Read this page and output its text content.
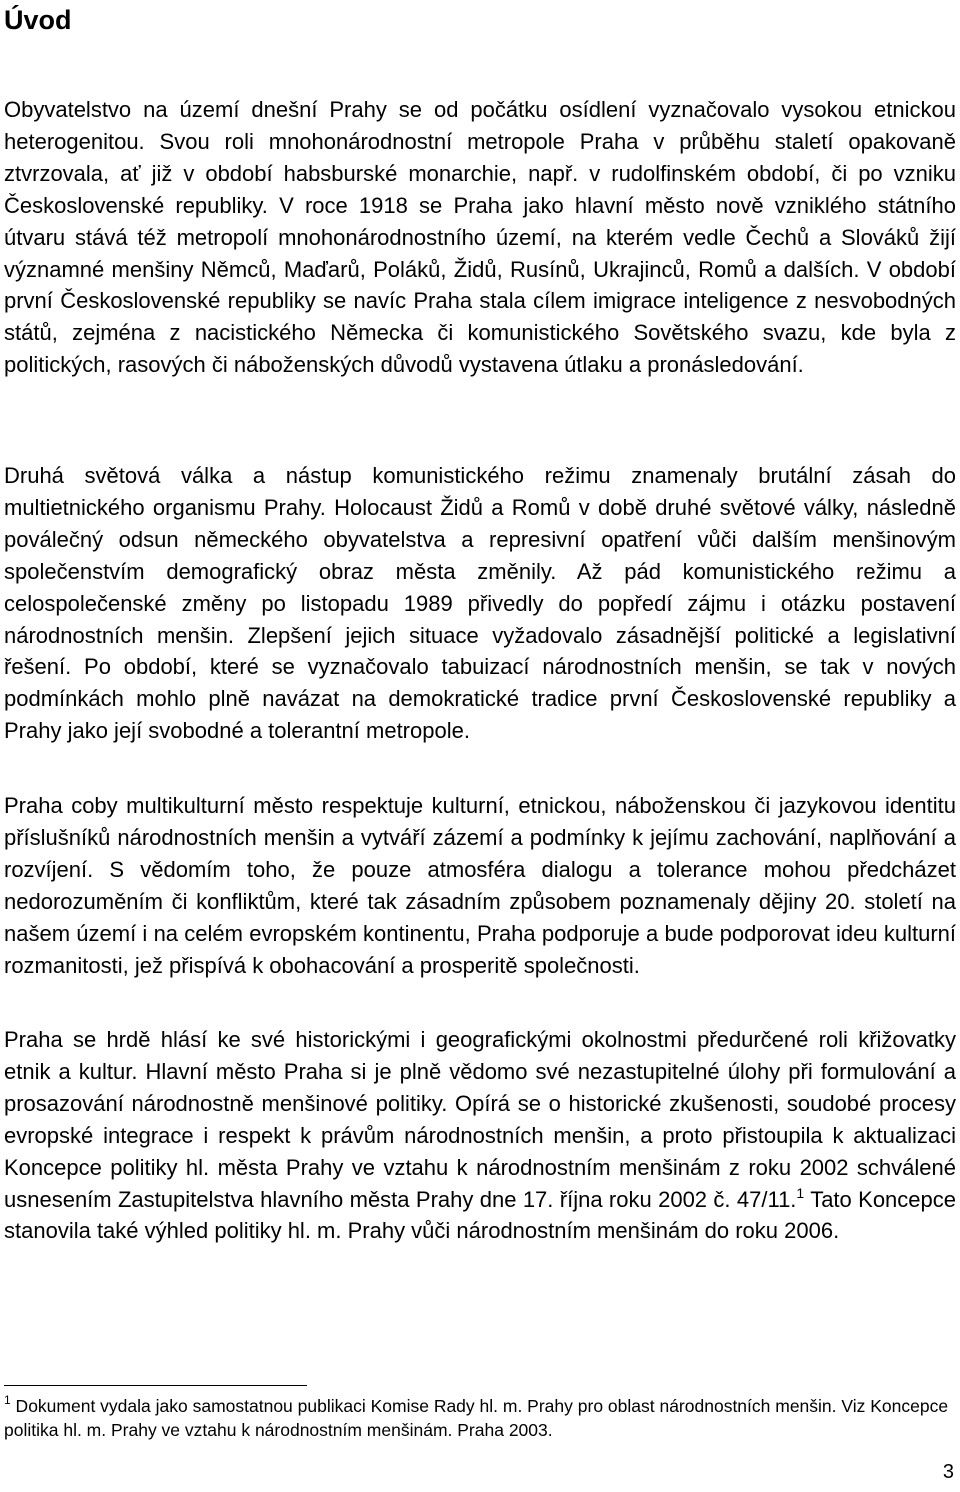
Úvod

Obyvatelstvo na území dnešní Prahy se od počátku osídlení vyznačovalo vysokou etnickou heterogenitou. Svou roli mnohonárodnostní metropole Praha v průběhu staletí opakovaně ztvrzovala, ať již v období habsburské monarchie, např. v rudolfinském období, či po vzniku Československé republiky. V roce 1918 se Praha jako hlavní město nově vzniklého státního útvaru stává též metropolí mnohonárodnostního území, na kterém vedle Čechů a Slováků žijí významné menšiny Němců, Maďarů, Poláků, Židů, Rusínů, Ukrajinců, Romů a dalších. V období první Československé republiky se navíc Praha stala cílem imigrace inteligence z nesvobodných států, zejména z nacistického Německa či komunistického Sovětského svazu, kde byla z politických, rasových či náboženských důvodů vystavena útlaku a pronásledování.

Druhá světová válka a nástup komunistického režimu znamenaly brutální zásah do multietnického organismu Prahy. Holocaust Židů a Romů v době druhé světové války, následně poválečný odsun německého obyvatelstva a represivní opatření vůči dalším menšinovým společenstvím demografický obraz města změnily. Až pád komunistického režimu a celospolečenské změny po listopadu 1989 přivedly do popředí zájmu i otázku postavení národnostních menšin. Zlepšení jejich situace vyžadovalo zásadnější politické a legislativní řešení. Po období, které se vyznačovalo tabuizací národnostních menšin, se tak v nových podmínkách mohlo plně navázat na demokratické tradice první Československé republiky a Prahy jako její svobodné a tolerantní metropole.

Praha coby multikulturní město respektuje kulturní, etnickou, náboženskou či jazykovou identitu příslušníků národnostních menšin a vytváří zázemí a podmínky k jejímu zachování, naplňování a rozvíjení. S vědomím toho, že pouze atmosféra dialogu a tolerance mohou předcházet nedorozuměním či konfliktům, které tak zásadním způsobem poznamenaly dějiny 20. století na našem území i na celém evropském kontinentu, Praha podporuje a bude podporovat ideu kulturní rozmanitosti, jež přispívá k obohacování a prosperitě společnosti.

Praha se hrdě hlásí ke své historickými i geografickými okolnostmi předurčené roli křižovatky etnik a kultur. Hlavní město Praha si je plně vědomo své nezastupitelné úlohy při formulování a prosazování národnostně menšinové politiky. Opírá se o historické zkušenosti, soudobé procesy evropské integrace i respekt k právům národnostních menšin, a proto přistoupila k aktualizaci Koncepce politiky hl. města Prahy ve vztahu k národnostním menšinám z roku 2002 schválené usnesením Zastupitelstva hlavního města Prahy dne 17. října roku 2002 č. 47/11.$^1$ Tato Koncepce stanovila také výhled politiky hl. m. Prahy vůči národnostním menšinám do roku 2006.

$^1$ Dokument vydala jako samostatnou publikaci Komise Rady hl. m. Prahy pro oblast národnostních menšin. Viz Koncepce politika hl. m. Prahy ve vztahu k národnostním menšinám. Praha 2003.

3
